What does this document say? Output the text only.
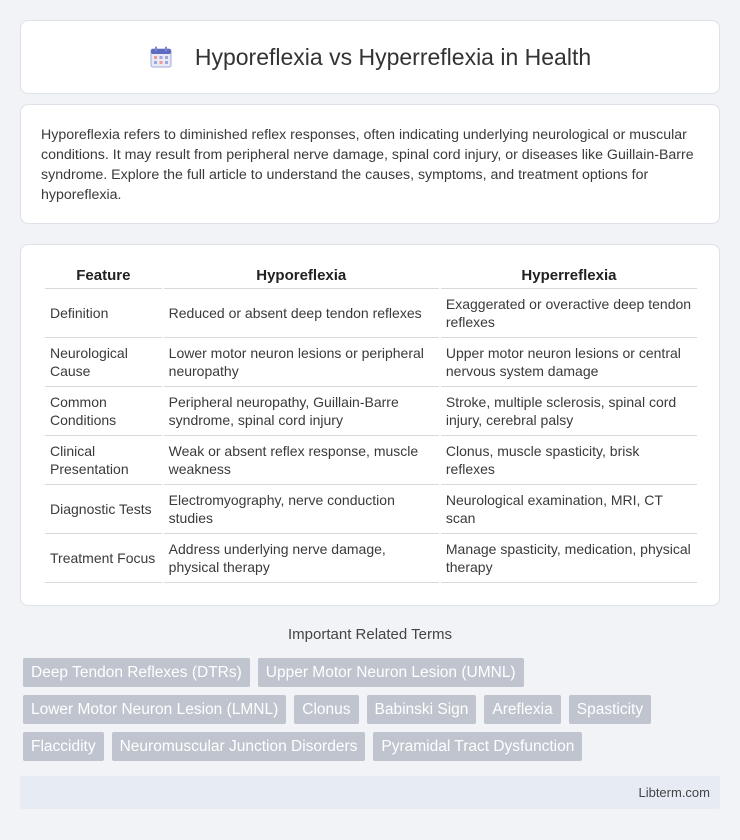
Hyporeflexia vs Hyperreflexia in Health

Hyporeflexia refers to diminished reflex responses, often indicating underlying neurological or muscular conditions. It may result from peripheral nerve damage, spinal cord injury, or diseases like Guillain-Barre syndrome. Explore the full article to understand the causes, symptoms, and treatment options for hyporeflexia.

Feature	Hyporeflexia	Hyperreflexia
Definition	Reduced or absent deep tendon reflexes	Exaggerated or overactive deep tendon reflexes
Neurological Cause	Lower motor neuron lesions or peripheral neuropathy	Upper motor neuron lesions or central nervous system damage
Common Conditions	Peripheral neuropathy, Guillain-Barre syndrome, spinal cord injury	Stroke, multiple sclerosis, spinal cord injury, cerebral palsy
Clinical Presentation	Weak or absent reflex response, muscle weakness	Clonus, muscle spasticity, brisk reflexes
Diagnostic Tests	Electromyography, nerve conduction studies	Neurological examination, MRI, CT scan
Treatment Focus	Address underlying nerve damage, physical therapy	Manage spasticity, medication, physical therapy
Important Related Terms
Deep Tendon Reflexes (DTRs)	Upper Motor Neuron Lesion (UMNL)
Lower Motor Neuron Lesion (LMNL)	Clonus	Babinski Sign	Areflexia	Spasticity
Flaccidity	Neuromuscular Junction Disorders	Pyramidal Tract Dysfunction
Libterm.com
